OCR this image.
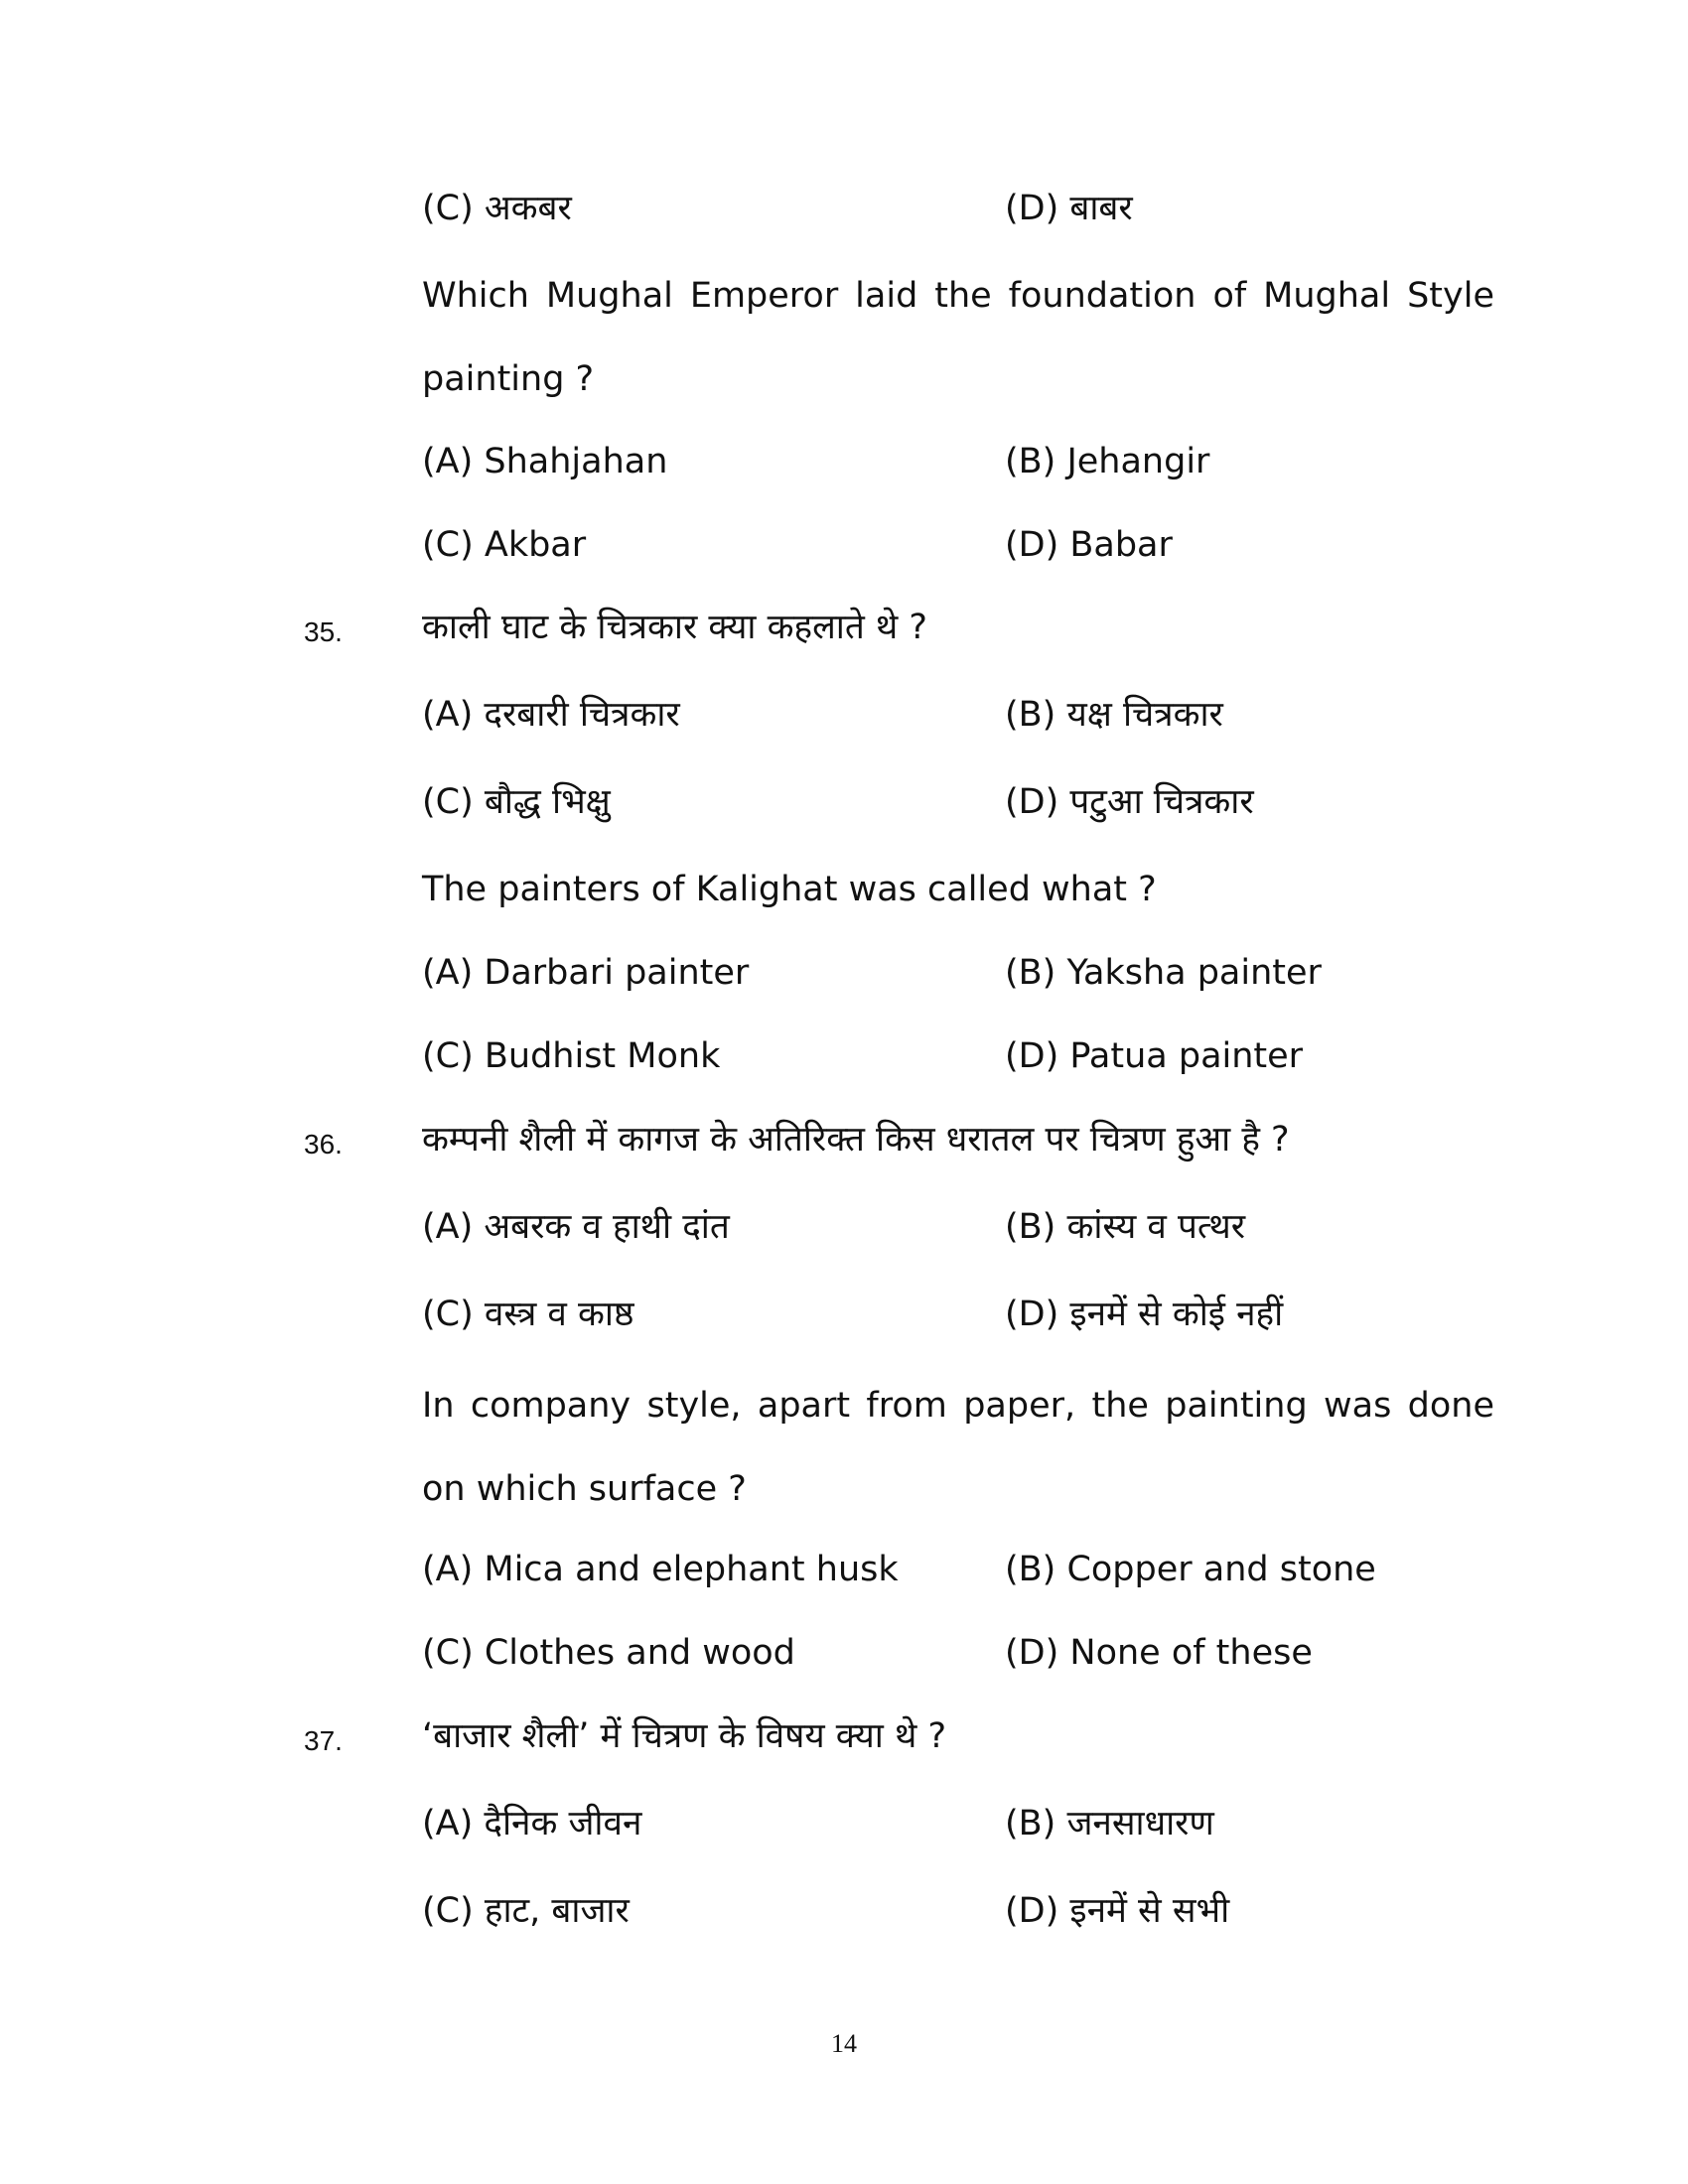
(C) अकबर	(D) बाबर
Which Mughal Emperor laid the foundation of Mughal Style painting ?
(A) Shahjahan	(B) Jehangir
(C) Akbar	(D) Babar
35. काली घाट के चित्रकार क्या कहलाते थे ?
(A) दरबारी चित्रकार	(B) यक्ष चित्रकार
(C) बौद्ध भिक्षु	(D) पटुआ चित्रकार
The painters of Kalighat was called what ?
(A) Darbari painter	(B) Yaksha painter
(C) Budhist Monk	(D) Patua painter
36. कम्पनी शैली में कागज के अतिरिक्त किस धरातल पर चित्रण हुआ है ?
(A) अबरक व हाथी दांत	(B) कांस्य व पत्थर
(C) वस्त्र व काष्ठ	(D) इनमें से कोई नहीं
In company style, apart from paper, the painting was done on which surface ?
(A) Mica and elephant husk	(B) Copper and stone
(C) Clothes and wood	(D) None of these
37. ‘बाजार शैली’ में चित्रण के विषय क्या थे ?
(A) दैनिक जीवन	(B) जनसाधारण
(C) हाट, बाजार	(D) इनमें से सभी
14
